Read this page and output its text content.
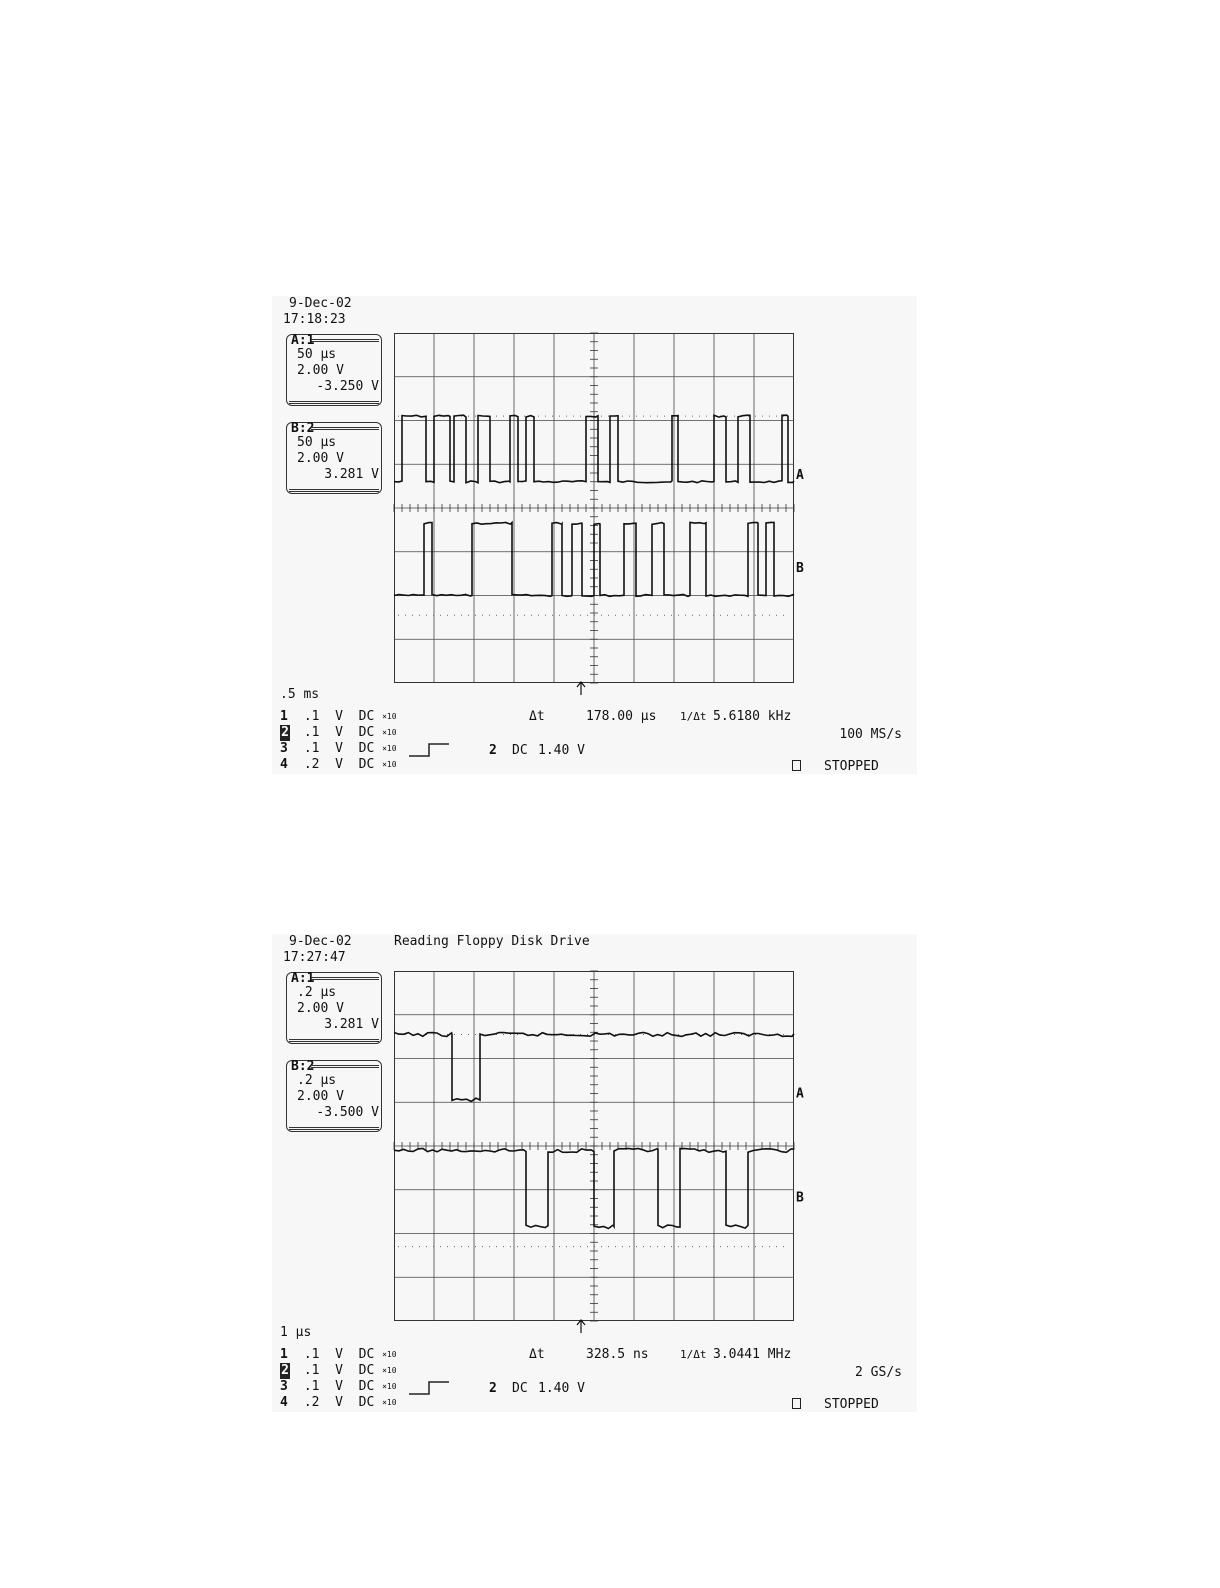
9-Dec-02
17:18:23
A:1
50 μs
2.00 V
-3.250 V
B:2
50 μs
2.00 V
3.281 V	A
B
.5 ms
1 .1  V  DC ×10
2 .1  V  DC ×10
3 .1  V  DC ×10
4 .2  V  DC ×10
Δt	178.00 μs 1/Δt 5.6180 kHz
100 MS/s
2 DC 1.40 V
STOPPED
9-Dec-02
17:27:47
Reading Floppy Disk Drive
A:1
.2 μs
2.00 V
3.281 V
B:2
.2 μs
2.00 V
-3.500 V
A
B
1 μs
1 .1  V  DC ×10
2 .1  V  DC ×10
3 .1  V  DC ×10
4 .2  V  DC ×10
Δt	328.5 ns	1/Δt 3.0441 MHz
2 GS/s
2 DC 1.40 V
STOPPED
